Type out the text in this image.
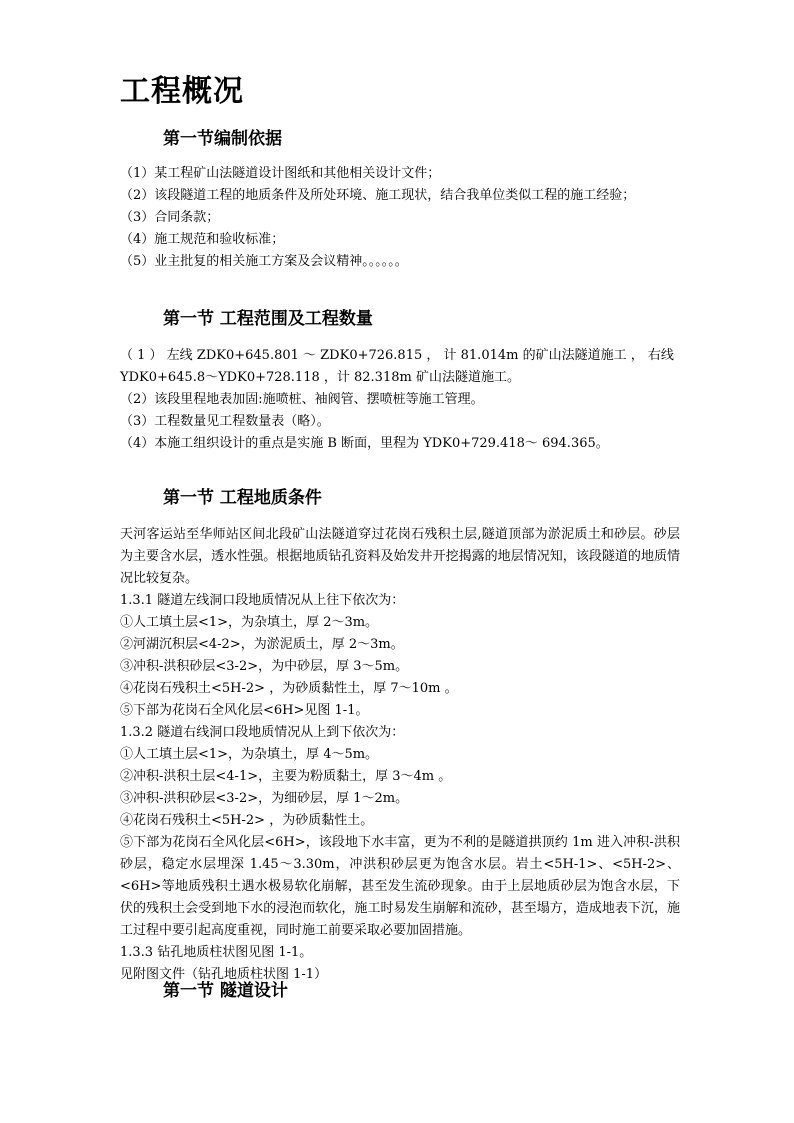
工程概况
第一节编制依据
（1）某工程矿山法隧道设计图纸和其他相关设计文件；
（2）该段隧道工程的地质条件及所处环境、施工现状，结合我单位类似工程的施工经验；
（3）合同条款；
（4）施工规范和验收标准；
（5）业主批复的相关施工方案及会议精神。。。。。。
第一节 工程范围及工程数量
（ 1 ） 左线 ZDK0+645.801 ～ ZDK0+726.815 ， 计 81.014m 的矿山法隧道施工 ， 右线
YDK0+645.8～YDK0+728.118 ，计 82.318m 矿山法隧道施工。
（2）该段里程地表加固:施喷桩、袖阀管、摆喷桩等施工管理。
（3）工程数量见工程数量表（略）。
（4）本施工组织设计的重点是实施 B 断面，里程为 YDK0+729.418～ 694.365。
第一节 工程地质条件

天河客运站至华师站区间北段矿山法隧道穿过花岗石残积土层,隧道顶部为淤泥质土和砂层。砂层为主要含水层，透水性强。根据地质钻孔资料及始发井开挖揭露的地层情况知，该段隧道的地质情况比较复杂。

1.3.1 隧道左线洞口段地质情况从上往下依次为：

①人工填土层<1>，为杂填土，厚 2～3m。

②河湖沉积层<4-2>，为淤泥质土，厚 2～3m。

③冲积-洪积砂层<3-2>，为中砂层，厚 3～5m。

④花岗石残积土<5H-2> ，为砂质黏性土，厚 7～10m 。

⑤下部为花岗石全风化层<6H>见图 1-1。

1.3.2 隧道右线洞口段地质情况从上到下依次为：

①人工填土层<1>，为杂填土，厚 4～5m。

②冲积-洪积土层<4-1>，主要为粉质黏土，厚 3～4m 。

③冲积-洪积砂层<3-2>，为细砂层，厚 1～2m。

④花岗石残积土<5H-2> ，为砂质黏性土。

⑤下部为花岗石全风化层<6H>，该段地下水丰富，更为不利的是隧道拱顶约 1m 进入冲积-洪积砂层，稳定水层埋深 1.45～3.30m，冲洪积砂层更为饱含水层。岩土<5H-1>、<5H-2>、<6H>等地质残积土遇水极易软化崩解，甚至发生流砂现象。由于上层地质砂层为饱含水层，下伏的残积土会受到地下水的浸泡而软化，施工时易发生崩解和流砂，甚至塌方，造成地表下沉，施工过程中要引起高度重视，同时施工前要采取必要加固措施。

1.3.3 钻孔地质柱状图见图 1-1。

见附图文件（钻孔地质柱状图 1-1）

第一节 隧道设计
